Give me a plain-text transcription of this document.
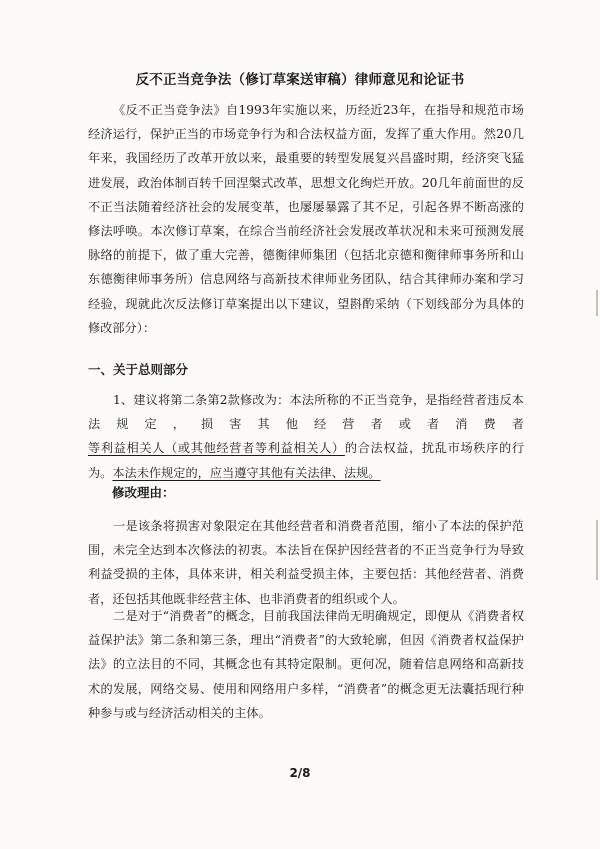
反不正当竞争法（修订草案送审稿）律师意见和论证书

《反不正当竞争法》自1993年实施以来，历经近23年，在指导和规范市场经济运行，保护正当的市场竞争行为和合法权益方面，发挥了重大作用。然20几年来，我国经历了改革开放以来，最重要的转型发展复兴昌盛时期，经济突飞猛进发展，政治体制百转千回涅槃式改革，思想文化绚烂开放。20几年前面世的反不正当法随着经济社会的发展变革，也屡屡暴露了其不足，引起各界不断高涨的修法呼唤。本次修订草案，在综合当前经济社会发展改革状况和未来可预测发展脉络的前提下，做了重大完善，德衡律师集团（包括北京德和衡律师事务所和山东德衡律师事务所）信息网络与高新技术律师业务团队，结合其律师办案和学习经验，现就此次反法修订草案提出以下建议，望斟酌采纳（下划线部分为具体的修改部分）：

一、关于总则部分

1、建议将第二条第2款修改为：本法所称的不正当竞争，是指经营者违反本法规定，损害其他经营者或者消费者等利益相关人（或其他经营者等利益相关人）的合法权益，扰乱市场秩序的行为。本法未作规定的，应当遵守其他有关法律、法规。

修改理由：

一是该条将损害对象限定在其他经营者和消费者范围，缩小了本法的保护范围，未完全达到本次修法的初衷。本法旨在保护因经营者的不正当竞争行为导致利益受损的主体，具体来讲，相关利益受损主体，主要包括：其他经营者、消费者，还包括其他既非经营主体、也非消费者的组织或个人。

二是对于“消费者”的概念，目前我国法律尚无明确规定，即便从《消费者权益保护法》第二条和第三条，理出“消费者”的大致轮廓，但因《消费者权益保护法》的立法目的不同，其概念也有其特定限制。更何况，随着信息网络和高新技术的发展，网络交易、使用和网络用户多样，“消费者”的概念更无法囊括现行种种参与或与经济活动相关的主体。

2/8
